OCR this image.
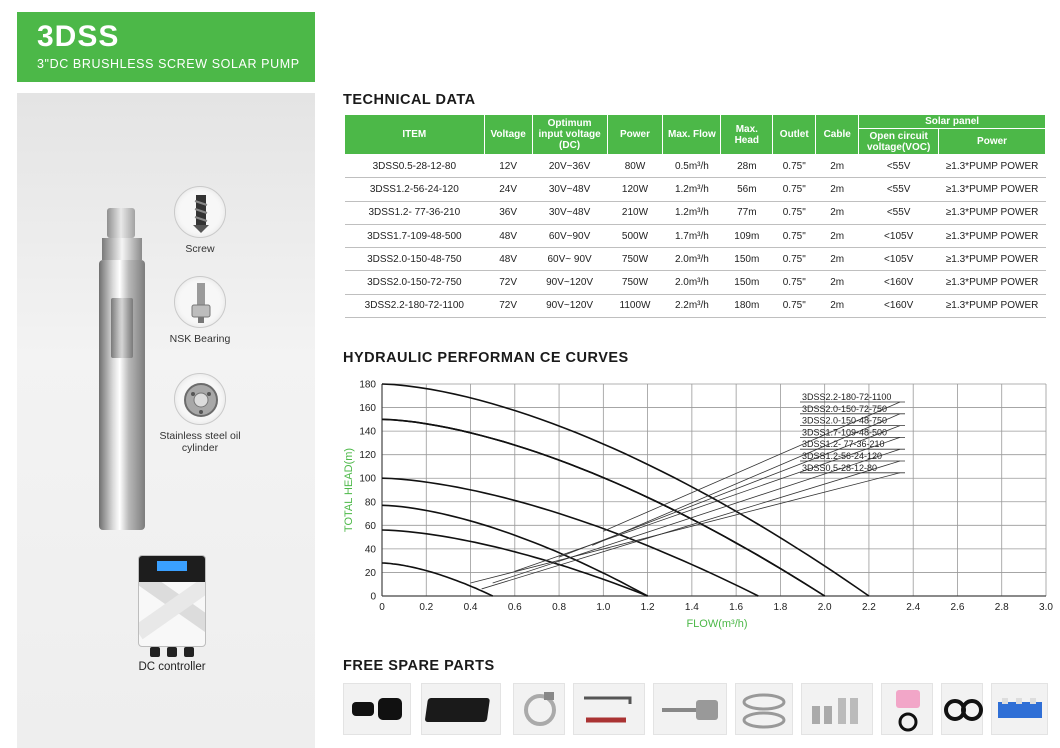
3DSS
3"DC BRUSHLESS SCREW SOLAR PUMP
Screw
NSK Bearing
Stainless steel oil cylinder
DC controller
TECHNICAL DATA
ITEM	Voltage	Optimum input voltage (DC)	Power	Max. Flow	Max. Head	Outlet	Cable	Solar panel	
								Open circuit voltage(VOC)	Power
3DSS0.5-28-12-80	12V	20V~36V	80W	0.5m³/h	28m	0.75"	2m	<55V	≥1.3*PUMP POWER
3DSS1.2-56-24-120	24V	30V~48V	120W	1.2m³/h	56m	0.75"	2m	<55V	≥1.3*PUMP POWER
3DSS1.2- 77-36-210	36V	30V~48V	210W	1.2m³/h	77m	0.75"	2m	<55V	≥1.3*PUMP POWER
3DSS1.7-109-48-500	48V	60V~90V	500W	1.7m³/h	109m	0.75"	2m	<105V	≥1.3*PUMP POWER
3DSS2.0-150-48-750	48V	60V~ 90V	750W	2.0m³/h	150m	0.75"	2m	<105V	≥1.3*PUMP POWER
3DSS2.0-150-72-750	72V	90V~120V	750W	2.0m³/h	150m	0.75"	2m	<160V	≥1.3*PUMP POWER
3DSS2.2-180-72-1100	72V	90V~120V	1100W	2.2m³/h	180m	0.75"	2m	<160V	≥1.3*PUMP POWER
HYDRAULIC PERFORMAN CE CURVES
0	0.2	0.4	0.6	0.8	1.0	1.2	1.4	1.6	1.8	2.0	2.2	2.4	2.6	2.8	3.0
0
20
40
60
80
100
120
140
160
180
3DSS2.2-180-72-1100
3DSS2.0-150-72-750
3DSS2.0-150-48-750
3DSS1.7-109-48-500
3DSS1.2- 77-36-210
3DSS1.2-56-24-120
3DSS0.5-28-12-80
FLOW(m³/h)
TOTAL HEAD(m)
FREE SPARE PARTS
